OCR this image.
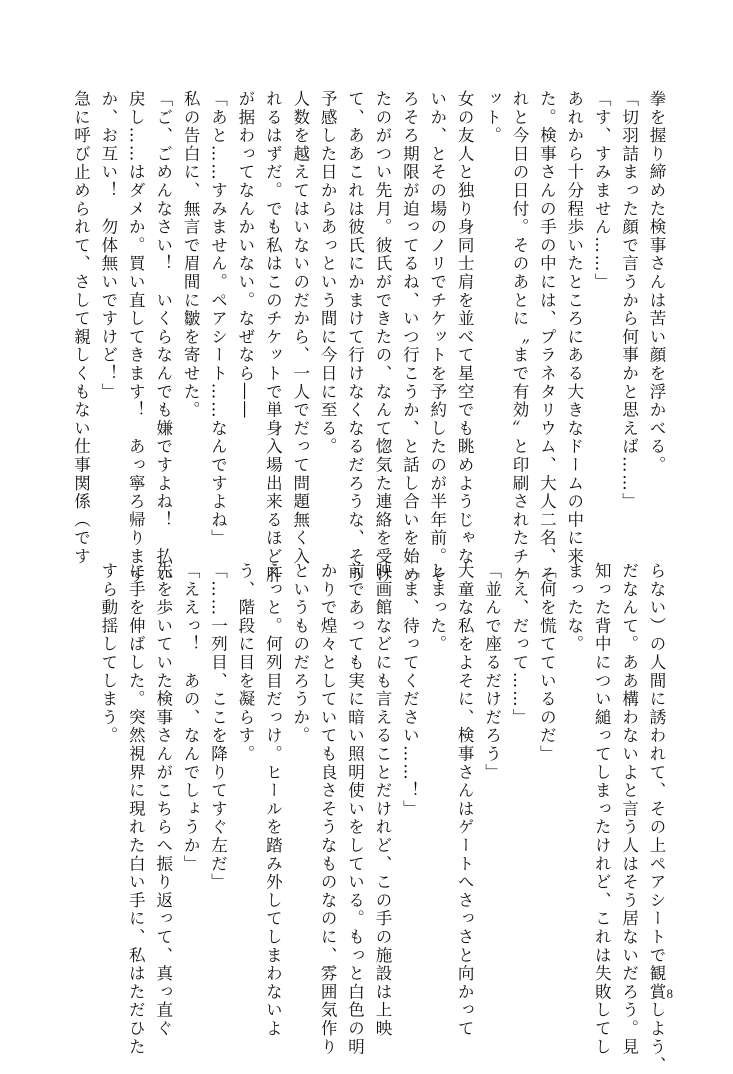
拳を握り締めた検事さんは苦い顔を浮かべる。
「切羽詰まった顔で言うから何事かと思えば……」
「す、すみません……」
あれから十分程歩いたところにある大きなドームの中に来
た。検事さんの手の中には、プラネタリウム、大人二名、そ
れと今日の日付。そのあとに〝まで有効〟と印刷されたチケ
ット。
女の友人と独り身同士肩を並べて星空でも眺めようじゃな
いか、とその場のノリでチケットを予約したのが半年前。そ
ろそろ期限が迫ってるね、いつ行こうか、と話し合いを始め
たのがつい先月。彼氏ができたの、なんて惚気た連絡を受け
て、ああこれは彼氏にかまけて行けなくなるだろうな、そう
予感した日からあっという間に今日に至る。
人数を越えてはいないのだから、一人でだって問題無く入
れるはずだ。でも私はこのチケットで単身入場出来るほど肝
が据わってなんかいない。なぜなら――
「あと……すみません。ペアシート……なんですよね」
私の告白に、無言で眉間に皺を寄せた。
「ご、ごめんなさい！　いくらなんでも嫌ですよね！　払い
戻し……はダメか。買い直してきます！　あっ寧ろ帰ります
か、お互い！　勿体無いですけど！」
急に呼び止められて、さして親しくもない仕事関係（です
らない）の人間に誘われて、その上ペアシートで観賞しよう、
だなんて。ああ構わないよと言う人はそう居ないだろう。見
知った背中につい縋ってしまったけれど、これは失敗してし
まったな。
「何を慌てているのだ」
「え、だって……」
「並んで座るだけだろう」
大童な私をよそに、検事さんはゲートへさっさと向かって
しまった。
「ま、待ってください……！」
映画館などにも言えることだけれど、この手の施設は上映
前であっても実に暗い照明使いをしている。もっと白色の明
かりで煌々としていても良さそうなものなのに、雰囲気作り
というものだろうか。
えっと。何列目だっけ。ヒールを踏み外してしまわないよ
う、階段に目を凝らす。
「……一列目、ここを降りてすぐ左だ」
「ええっ！　あの、なんでしょうか」
先を歩いていた検事さんがこちらへ振り返って、真っ直ぐ
に手を伸ばした。突然視界に現れた白い手に、私はただひた
すら動揺してしまう。
8
